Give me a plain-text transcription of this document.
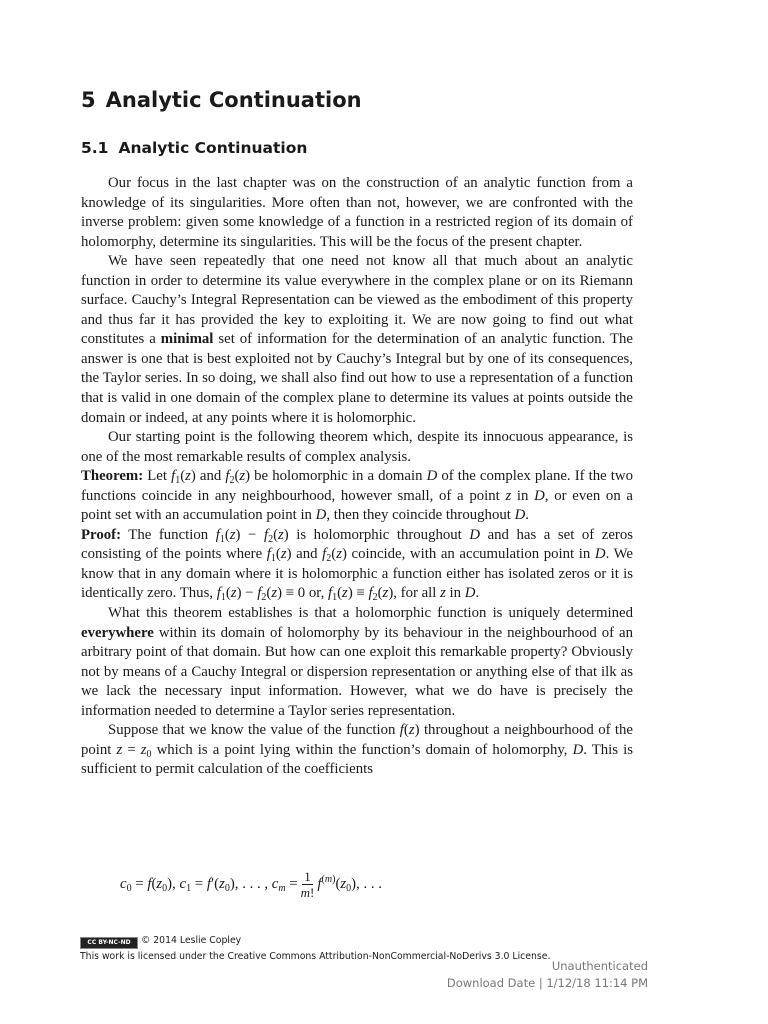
5 Analytic Continuation
5.1 Analytic Continuation

Our focus in the last chapter was on the construction of an analytic function from a knowledge of its singularities. More often than not, however, we are confronted with the inverse problem: given some knowledge of a function in a restricted region of its domain of holomorphy, determine its singularities. This will be the focus of the present chapter.

We have seen repeatedly that one need not know all that much about an analytic function in order to determine its value everywhere in the complex plane or on its Riemann surface. Cauchy’s Integral Representation can be viewed as the embodiment of this property and thus far it has provided the key to exploiting it. We are now going to find out what constitutes a minimal set of information for the determination of an analytic function. The answer is one that is best exploited not by Cauchy’s Integral but by one of its consequences, the Taylor series. In so doing, we shall also find out how to use a representation of a function that is valid in one domain of the complex plane to determine its values at points outside the domain or indeed, at any points where it is holomorphic.

Our starting point is the following theorem which, despite its innocuous appearance, is one of the most remarkable results of complex analysis.

Theorem: Let $f_1(z)$ and $f_2(z)$ be holomorphic in a domain D of the complex plane. If the two functions coincide in any neighbourhood, however small, of a point z in D, or even on a point set with an accumulation point in D, then they coincide throughout D.

Proof: The function $f_1(z) - f_2(z)$ is holomorphic throughout D and has a set of zeros consisting of the points where $f_1(z)$ and $f_2(z)$ coincide, with an accumulation point in D. We know that in any domain where it is holomorphic a function either has isolated zeros or it is identically zero. Thus, $f_1(z) - f_2(z) \equiv 0$ or, $f_1(z) \equiv f_2(z)$, for all z in D.

What this theorem establishes is that a holomorphic function is uniquely determined everywhere within its domain of holomorphy by its behaviour in the neighbourhood of an arbitrary point of that domain. But how can one exploit this remarkable property? Obviously not by means of a Cauchy Integral or dispersion representation or anything else of that ilk as we lack the necessary input information. However, what we do have is precisely the information needed to determine a Taylor series representation.

Suppose that we know the value of the function f(z) throughout a neighbourhood of the point $z = z_0$ which is a point lying within the function’s domain of holomorphy, D. This is sufficient to permit calculation of the coefficients

$c_0 = f(z_0)$, $c_1 = f'(z_0)$, . . . , $c_m = \frac{1}{m!} f^{(m)}(z_0)$, . . .
CC BY-NC-ND © 2014 Leslie Copley
This work is licensed under the Creative Commons Attribution-NonCommercial-NoDerivs 3.0 License.
Unauthenticated
Download Date | 1/12/18 11:14 PM
